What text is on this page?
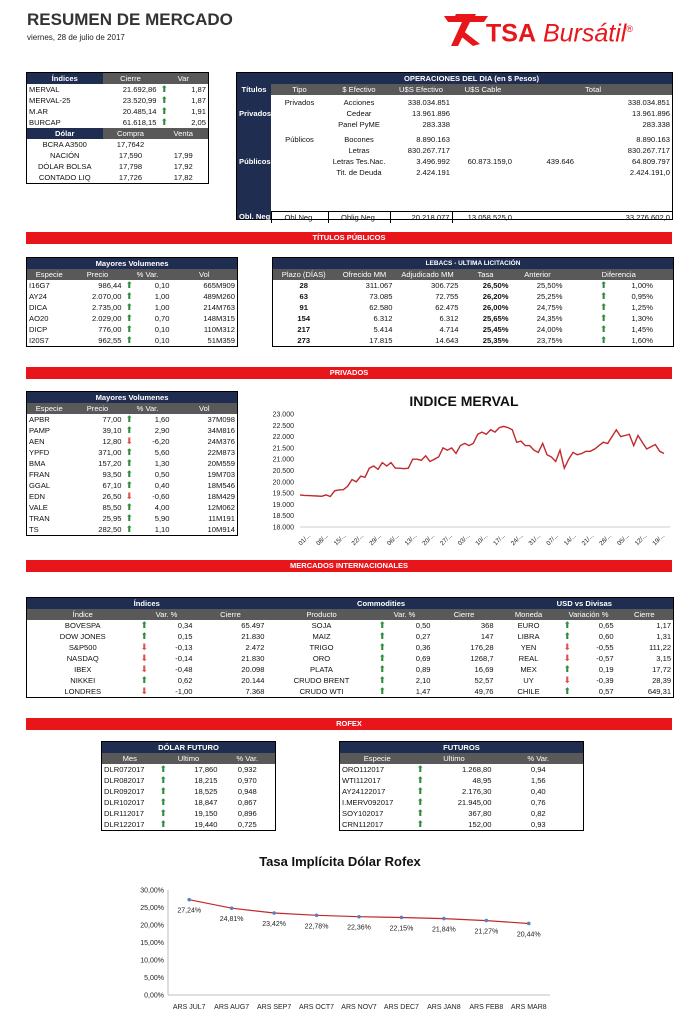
RESUMEN DE MERCADO
viernes, 28 de julio de 2017	TSA Bursátil®
Índices	Cierre	Var
MERVAL	21.692,86	⬆ 1,87
MERVAL-25	23.520,99	⬆ 1,87
M.AR	20.485,14	⬆ 1,91
BURCAP	61.618,15	⬆ 2,05
Dólar	Compra	Venta
BCRA A3500	17,7642	
NACIÓN	17,590	17,99
DÓLAR BOLSA	17,798	17,92
CONTADO LIQ	17,726	17,82
OPERACIONES DEL DIA (en $ Pesos)
Títulos	Tipo	$ Efectivo	U$S Efectivo	U$S Cable	Total
	Privados	Acciones	338.034.851			338.034.851
Privados		Cedear	13.961.896			13.961.896
		Panel PyME	283.338			283.338

	Públicos	Bocones	8.890.163			8.890.163
		Letras	830.267.717			830.267.717
Públicos		Letras Tes.Nac.	3.496.992	60.873.159,0	439.646	64.809.797
		Tit. de Deuda	2.424.191			2.424.191,0

Obl. Neg	Obl.Neg.	Oblig.Neg.	20.218.077	13.058.525,0		33.276.602,0
TÍTULOS PÚBLICOS
PRIVADOS
MERCADOS INTERNACIONALES
ROFEX
Mayores Volumenes			
Especie	Precio	% Var.	Vol
I16G7	986,44	⬆ 0,10	665M909
AY24	2.070,00	⬆ 1,00	489M260
DICA	2.735,00	⬆ 1,00	214M763
AO20	2.029,00	⬆ 0,70	148M315
DICP	776,00	⬆ 0,10	110M312
I20S7	962,55	⬆ 0,10	51M359
LEBACS - ULTIMA LICITACIÓN					
Plazo (DÍAS)	Ofrecido MM	Adjudicado MM	Tasa	Anterior	Diferencia
28	311.067	306.725	26,50%	25,50%	⬆ 1,00%
63	73.085	72.755	26,20%	25,25%	⬆ 0,95%
91	62.580	62.475	26,00%	24,75%	⬆ 1,25%
154	6.312	6.312	25,65%	24,35%	⬆ 1,30%
217	5.414	4.714	25,45%	24,00%	⬆ 1,45%
273	17.815	14.643	25,35%	23,75%	⬆ 1,60%
Mayores Volumenes			
Especie	Precio	% Var.	Vol
APBR	77,00	⬆ 1,60	37M098
PAMP	39,10	⬆ 2,90	34M816
AEN	12,80	⬇ -6,20	24M376
YPFD	371,00	⬆ 5,60	22M873
BMA	157,20	⬆ 1,30	20M559
FRAN	93,50	⬆ 0,50	19M703
GGAL	67,10	⬆ 0,40	18M546
EDN	26,50	⬇ -0,60	18M429
VALE	85,50	⬆ 4,00	12M062
TRAN	25,95	⬆ 5,90	11M191
TS	282,50	⬆ 1,10	10M914
INDICE MERVAL
23.000
22.500
22.000
21.500
21.000
20.500
20.000
19.500
19.000
18.500
18.000
01/... 08/... 15/... 22/... 29/... 06/... 13/... 20/... 27/... 03/... 10/... 17/... 24/... 31/... 07/... 14/... 21/... 28/... 05/... 12/... 19/...
Índices			Commodities			USD vs Divisas		
Índice	Var. %	Cierre	Producto	Var. %	Cierre	Moneda	Variación %	Cierre
BOVESPA	⬆ 0,34	65.497	SOJA	⬆ 0,50	368	EURO	⬆ 0,65	1,17
DOW JONES	⬆ 0,15	21.830	MAIZ	⬆ 0,27	147	LIBRA	⬆ 0,60	1,31
S&P500	⬇ -0,13	2.472	TRIGO	⬆ 0,36	176,28	YEN	⬇ -0,55	111,22
NASDAQ	⬇ -0,14	21.830	ORO	⬆ 0,69	1268,7	REAL	⬇ -0,57	3,15
IBEX	⬇ -0,48	20.098	PLATA	⬆ 0,89	16,69	MEX	⬆ 0,19	17,72
NIKKEI	⬆ 0,62	20.144	CRUDO BRENT	⬆ 2,10	52,57	UY	⬇ -0,39	28,39
LONDRES	⬇ -1,00	7.368	CRUDO WTI	⬆ 1,47	49,76	CHILE	⬆ 0,57	649,31
DÓLAR FUTURO		
Mes	Ultimo	% Var.
DLR072017	⬆ 17,860	0,932
DLR082017	⬆ 18,215	0,970
DLR092017	⬆ 18,525	0,948
DLR102017	⬆ 18,847	0,867
DLR112017	⬆ 19,150	0,896
DLR122017	⬆ 19,440	0,725
FUTUROS		
Especie	Ultimo	% Var.
ORO112017	⬆ 1.268,80	0,94
WTI112017	⬆ 48,95	1,56
AY24122017	⬆ 2.176,30	0,40
I.MERV092017	⬆ 21.945,00	0,76
SOY102017	⬆ 367,80	0,82
CRN112017	⬆ 152,00	0,93
Tasa Implícita Dólar Rofex
30,00%
25,00%
20,00%
15,00%
10,00%
5,00%
0,00%
27,24%
ARS JUL7
24,81%
ARS AUG7
23,42%
ARS SEP7
22,78%
ARS OCT7
22,36%
ARS NOV7
22,15%
ARS DEC7
21,84%
ARS JAN8
21,27%
ARS FEB8
20,44%
ARS MAR8
